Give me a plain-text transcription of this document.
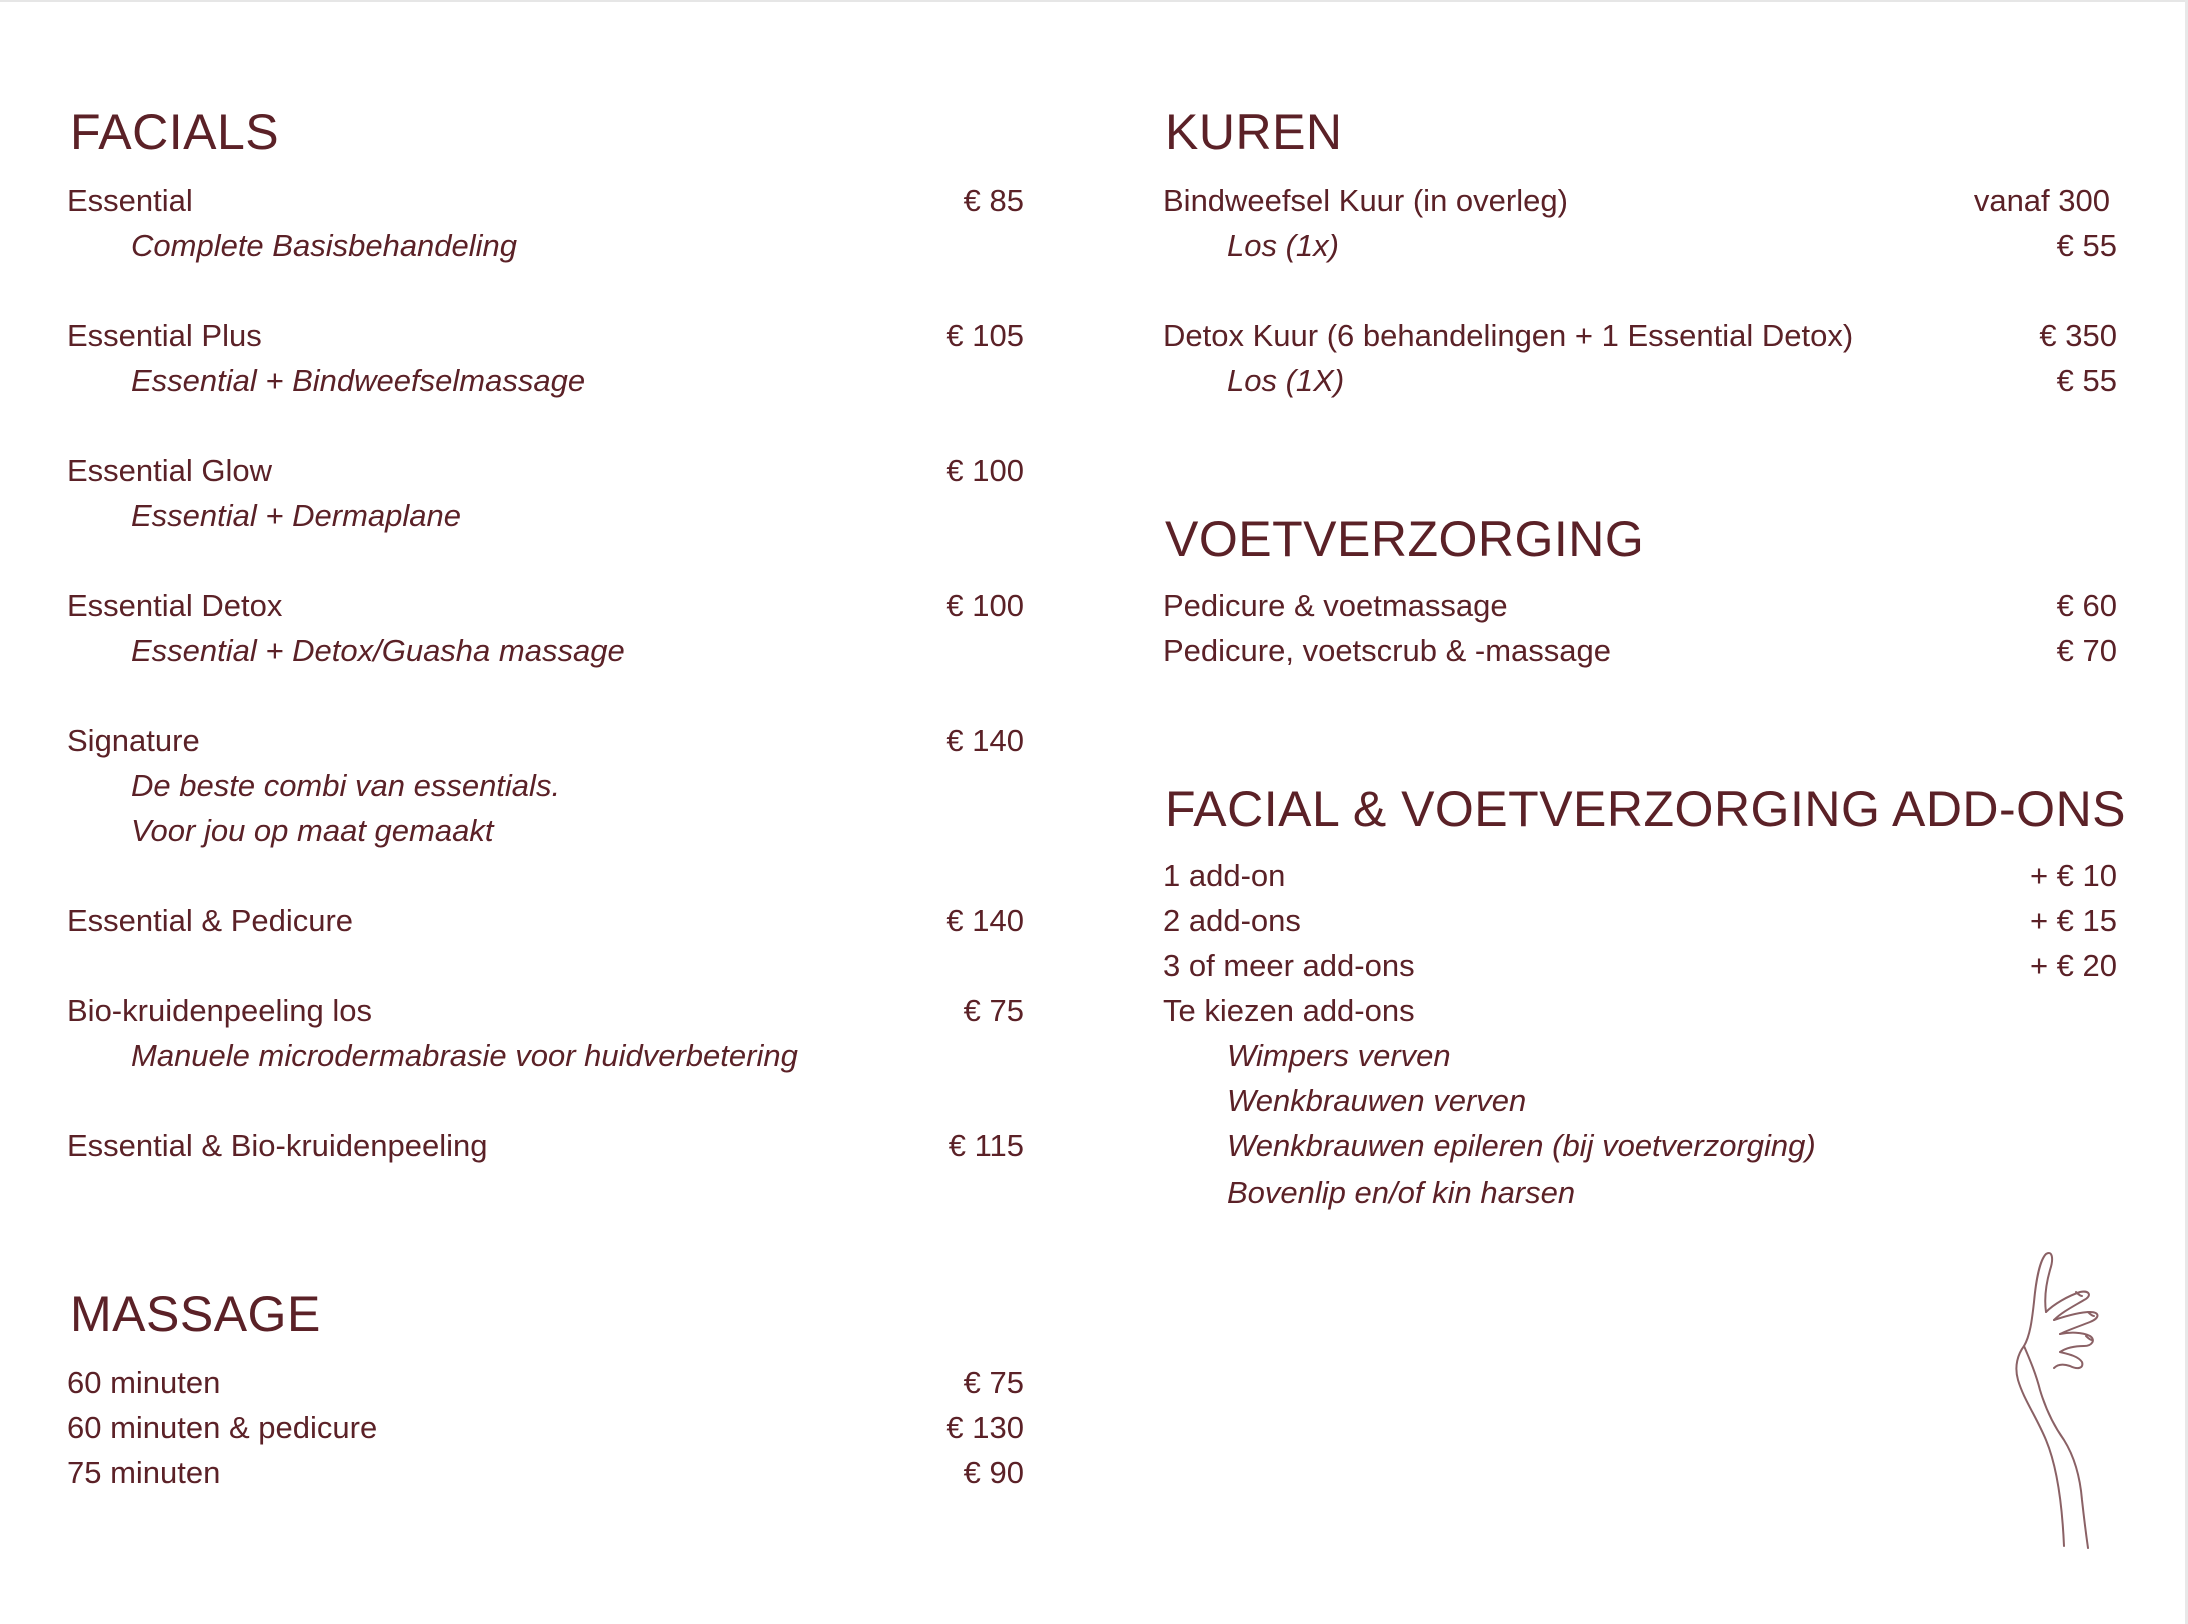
FACIALS
Essential	€ 85
Complete Basisbehandeling
Essential Plus	€ 105
Essential + Bindweefselmassage
Essential Glow	€ 100
Essential + Dermaplane
Essential Detox	€ 100
Essential + Detox/Guasha massage
Signature	€ 140
De beste combi van essentials.
Voor jou op maat gemaakt
Essential & Pedicure	€ 140
Bio-kruidenpeeling los	€ 75
Manuele microdermabrasie voor huidverbetering
Essential & Bio-kruidenpeeling	€ 115
MASSAGE
60 minuten	€ 75
60 minuten & pedicure	€ 130
75 minuten	€ 90
KUREN
Bindweefsel Kuur (in overleg)	vanaf 300
Los (1x)	€ 55
Detox Kuur (6 behandelingen + 1 Essential Detox)	€ 350
Los (1X)	€ 55
VOETVERZORGING
Pedicure & voetmassage	€ 60
Pedicure, voetscrub & -massage	€ 70
FACIAL & VOETVERZORGING ADD-ONS
1 add-on	+ € 10
2 add-ons	+ € 15
3 of meer add-ons	+ € 20
Te kiezen add-ons
Wimpers verven
Wenkbrauwen verven
Wenkbrauwen epileren (bij voetverzorging)
Bovenlip en/of kin harsen
